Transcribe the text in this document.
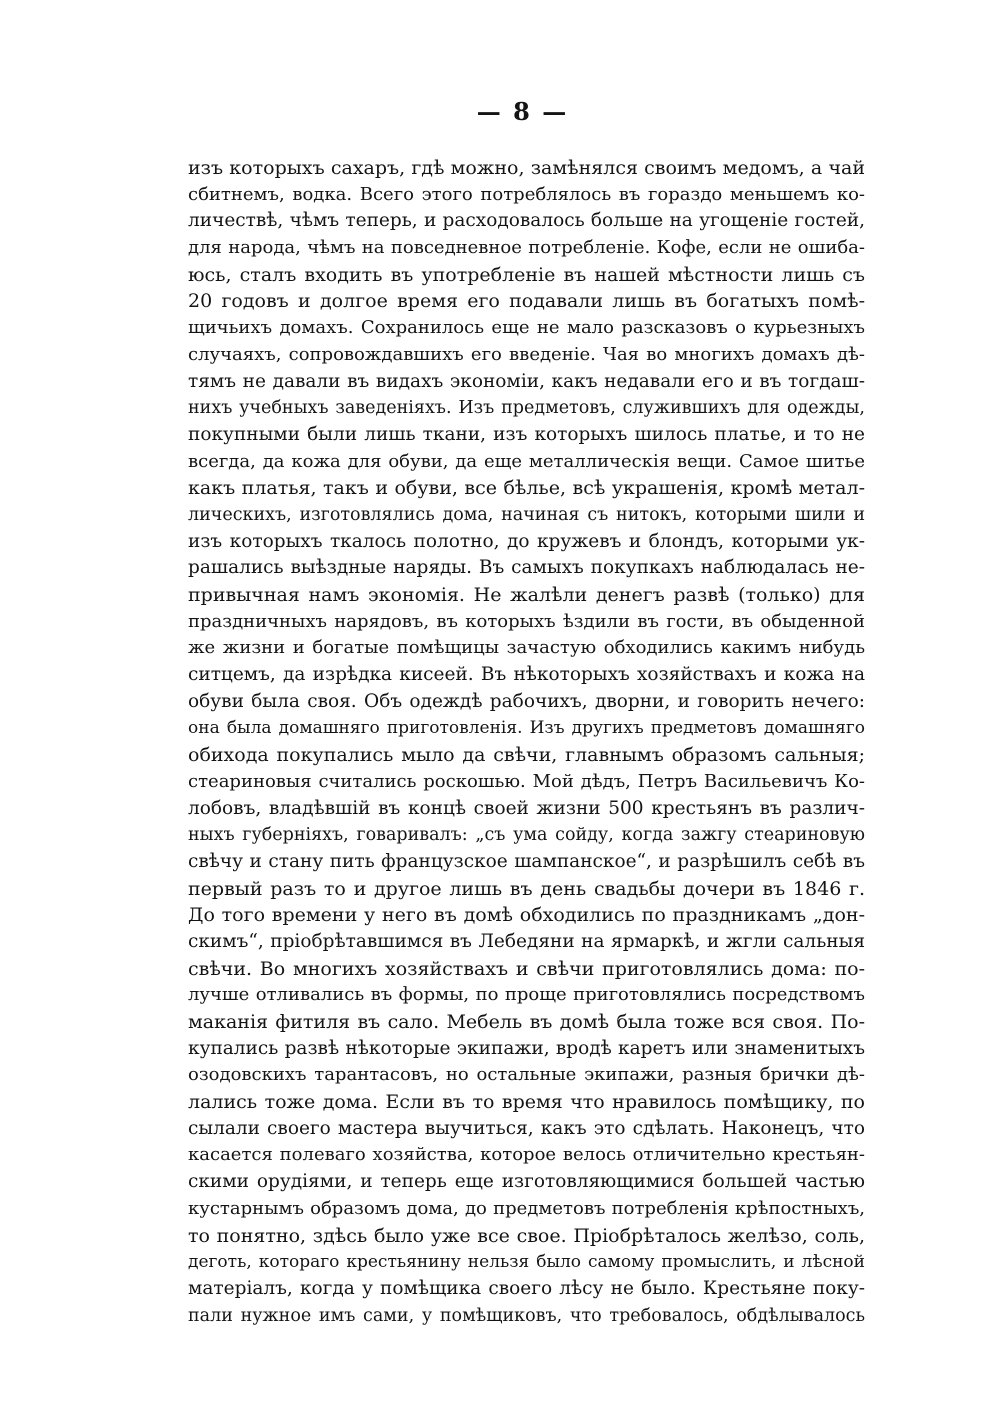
— 8 —
изъ которыхъ сахаръ, гдѣ можно, замѣнялся своимъ медомъ, а чай
сбитнемъ, водка. Всего этого потреблялось въ гораздо меньшемъ ко-
личествѣ, чѣмъ теперь, и расходовалось больше на угощеніе гостей,
для народа, чѣмъ на повседневное потребленіе. Кофе, если не ошиба-
юсь, сталъ входить въ употребленіе въ нашей мѣстности лишь съ
20 годовъ и долгое время его подавали лишь въ богатыхъ помѣ-
щичьихъ домахъ. Сохранилось еще не мало разсказовъ о курьезныхъ
случаяхъ, сопровождавшихъ его введеніе. Чая во многихъ домахъ дѣ-
тямъ не давали въ видахъ экономіи, какъ недавали его и въ тогдаш-
нихъ учебныхъ заведеніяхъ. Изъ предметовъ, служившихъ для одежды,
покупными были лишь ткани, изъ которыхъ шилось платье, и то не
всегда, да кожа для обуви, да еще металлическія вещи. Самое шитье
какъ платья, такъ и обуви, все бѣлье, всѣ украшенія, кромѣ метал-
лическихъ, изготовлялись дома, начиная съ нитокъ, которыми шили и
изъ которыхъ ткалось полотно, до кружевъ и блондъ, которыми ук-
рашались выѣздные наряды. Въ самыхъ покупкахъ наблюдалась не-
привычная намъ экономія. Не жалѣли денегъ развѣ (только) для
праздничныхъ нарядовъ, въ которыхъ ѣздили въ гости, въ обыденной
же жизни и богатые помѣщицы зачастую обходились какимъ нибудь
ситцемъ, да изрѣдка кисеей. Въ нѣкоторыхъ хозяйствахъ и кожа на
обуви была своя. Объ одеждѣ рабочихъ, дворни, и говорить нечего:
она была домашняго приготовленія. Изъ другихъ предметовъ домашняго
обихода покупались мыло да свѣчи, главнымъ образомъ сальныя;
стеариновыя считались роскошью. Мой дѣдъ, Петръ Васильевичъ Ко-
лобовъ, владѣвшій въ концѣ своей жизни 500 крестьянъ въ различ-
ныхъ губерніяхъ, говаривалъ: „съ ума сойду, когда зажгу стеариновую
свѣчу и стану пить французское шампанское“, и разрѣшилъ себѣ въ
первый разъ то и другое лишь въ день свадьбы дочери въ 1846 г.
До того времени у него въ домѣ обходились по праздникамъ „дон-
скимъ“, пріобрѣтавшимся въ Лебедяни на ярмаркѣ, и жгли сальныя
свѣчи. Во многихъ хозяйствахъ и свѣчи приготовлялись дома: по-
лучше отливались въ формы, по проще приготовлялись посредствомъ
маканія фитиля въ сало. Мебель въ домѣ была тоже вся своя. По-
купались развѣ нѣкоторые экипажи, вродѣ каретъ или знаменитыхъ
озодовскихъ тарантасовъ, но остальные экипажи, разныя брички дѣ-
лались тоже дома. Если въ то время что нравилось помѣщику, по
сылали своего мастера выучиться, какъ это сдѣлать. Наконецъ, что
касается полеваго хозяйства, которое велось отличительно крестьян-
скими орудіями, и теперь еще изготовляющимися большей частью
кустарнымъ образомъ дома, до предметовъ потребленія крѣпостныхъ,
то понятно, здѣсь было уже все свое. Пріобрѣталось желѣзо, соль,
деготь, котораго крестьянину нельзя было самому промыслить, и лѣсной
матеріалъ, когда у помѣщика своего лѣсу не было. Крестьяне поку-
пали нужное имъ сами, у помѣщиковъ, что требовалось, обдѣлывалось
